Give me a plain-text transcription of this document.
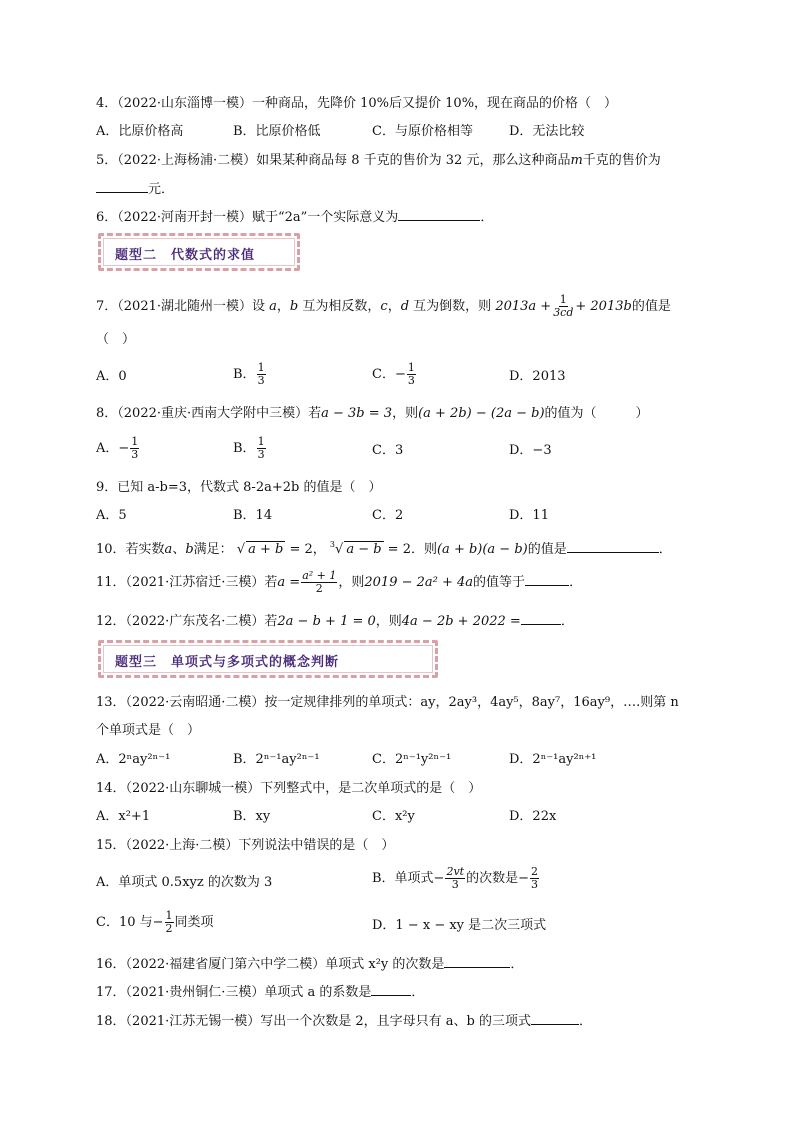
4．（2022·山东淄博一模）一种商品，先降价 10%后又提价 10%，现在商品的价格（　）
A．比原价格高	B．比原价格低	C．与原价格相等	D．无法比较
5．（2022·上海杨浦·二模）如果某种商品每 8 千克的售价为 32 元，那么这种商品m千克的售价为
元．
6．（2022·河南开封一模）赋于“2a”一个实际意义为	．
题型二　代数式的求值
7．（2021·湖北随州一模）设 a，b 互为相反数，c，d 互为倒数，则 $2013a + \frac{1}{3cd} + 2013b$的值是
（　）
A．0	B． $\frac{1}{3}$	C．− $\frac{1}{3}$	D．2013
8．（2022·重庆·西南大学附中三模）若a − 3b = 3，则(a + 2b) − (2a − b)的值为（　　　）
A．− $\frac{1}{3}$	B． $\frac{1}{3}$	C．3	D．−3
9．已知 a-b=3，代数式 8-2a+2b 的值是（　）
A．5	B．14	C．2	D．11
10．若实数a、b满足： √ a + b = 2， $^3$√ a − b = 2．则(a + b)(a − b)的值是	．
11．（2021·江苏宿迁·三模）若$a = \frac{\text{a² + 1}}{2}$ ，则2019 − 2a² + 4a的值等于	．
12．（2022·广东茂名·二模）若2a − b + 1 = 0，则4a − 2b + 2022 =	．
题型三　单项式与多项式的概念判断
13．（2022·云南昭通·二模）按一定规律排列的单项式：ay，2ay³，4ay⁵，8ay⁷，16ay⁹，….则第 n
个单项式是（　）
A．2ⁿay²ⁿ⁻¹	B．2ⁿ⁻¹ay²ⁿ⁻¹	C．2ⁿ⁻¹y²ⁿ⁻¹	D．2ⁿ⁻¹ay²ⁿ⁺¹
14．（2022·山东聊城一模）下列整式中，是二次单项式的是（　）
A．x²+1	B．xy	C．x²y	D．22x
15．（2022·上海·二模）下列说法中错误的是（　）
A．单项式 0.5xyz 的次数为 3	B．单项式− $\frac{2vt}{3}$ 的次数是− $\frac{2}{3}$
C．10 与− $\frac{1}{2}$ 同类项	D．1 − x − xy 是二次三项式
16．（2022·福建省厦门第六中学二模）单项式 x²y 的次数是	．
17．（2021·贵州铜仁·三模）单项式 a 的系数是	．
18．（2021·江苏无锡一模）写出一个次数是 2，且字母只有 a、b 的三项式	．
